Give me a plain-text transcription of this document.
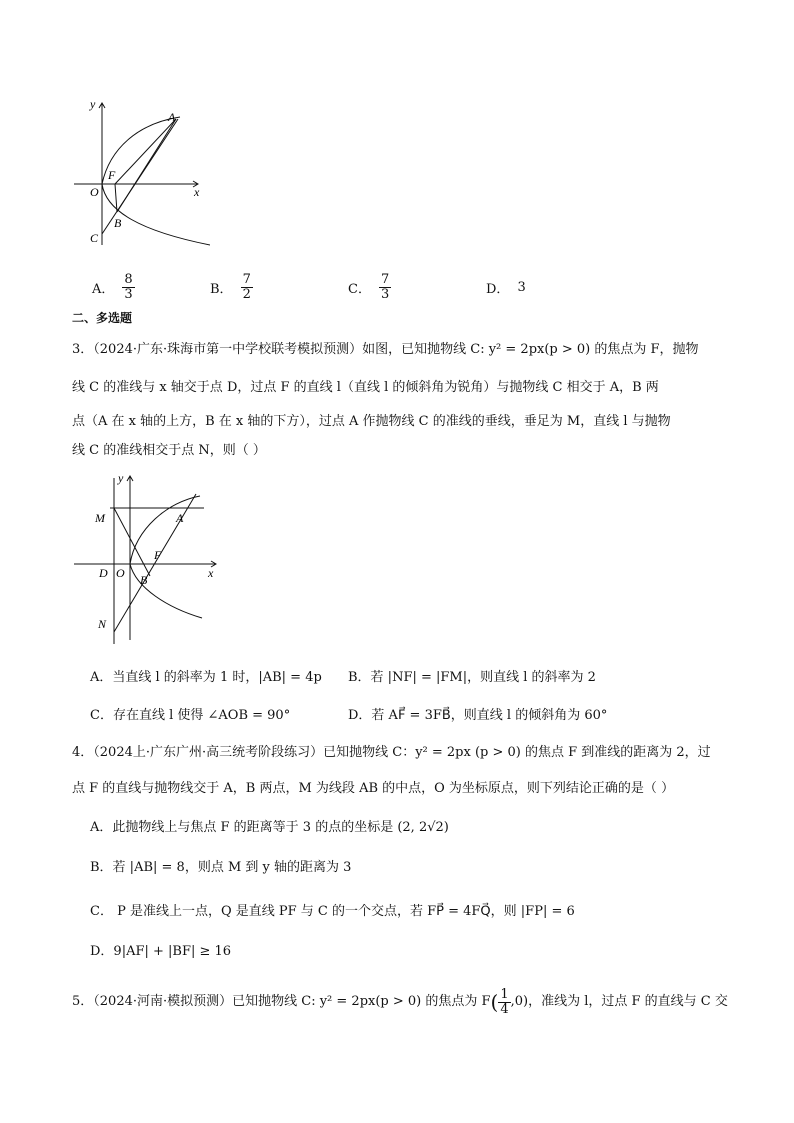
y
A
O
F
x
B
C
A． $\frac{8}{3}$	B． $\frac{7}{2}$	C． $\frac{7}{3}$	D． 3
二、多选题
3．（2024·广东·珠海市第一中学校联考模拟预测）如图，已知抛物线 C: y² = 2px(p > 0) 的焦点为 F，抛物
线 C 的准线与 x 轴交于点 D，过点 F 的直线 l（直线 l 的倾斜角为锐角）与抛物线 C 相交于 A，B 两
点（A 在 x 轴的上方，B 在 x 轴的下方），过点 A 作抛物线 C 的准线的垂线，垂足为 M，直线 l 与抛物
线 C 的准线相交于点 N，则（ ）
y
M	A
F
D O B	x
N
A．当直线 l 的斜率为 1 时，|AB| = 4p	B．若 |NF| = |FM|，则直线 l 的斜率为 2
C．存在直线 l 使得 ∠AOB = 90°	D．若 AF⃗ = 3FB⃗，则直线 l 的倾斜角为 60°
4．（2024上·广东广州·高三统考阶段练习）已知抛物线 C：y² = 2px (p > 0) 的焦点 F 到准线的距离为 2，过
点 F 的直线与抛物线交于 A，B 两点，M 为线段 AB 的中点，O 为坐标原点，则下列结论正确的是（ ）
A．此抛物线上与焦点 F 的距离等于 3 的点的坐标是 (2, 2√2)
B．若 |AB| = 8，则点 M 到 y 轴的距离为 3
C． P 是准线上一点，Q 是直线 PF 与 C 的一个交点，若 FP⃗ = 4FQ⃗，则 |FP| = 6
D．9|AF| + |BF| ≥ 16
5．（2024·河南·模拟预测）已知抛物线 C: y² = 2px(p > 0) 的焦点为 F ( $\frac{1}{4} ,0$)，准线为 l，过点 F 的直线与 C 交
